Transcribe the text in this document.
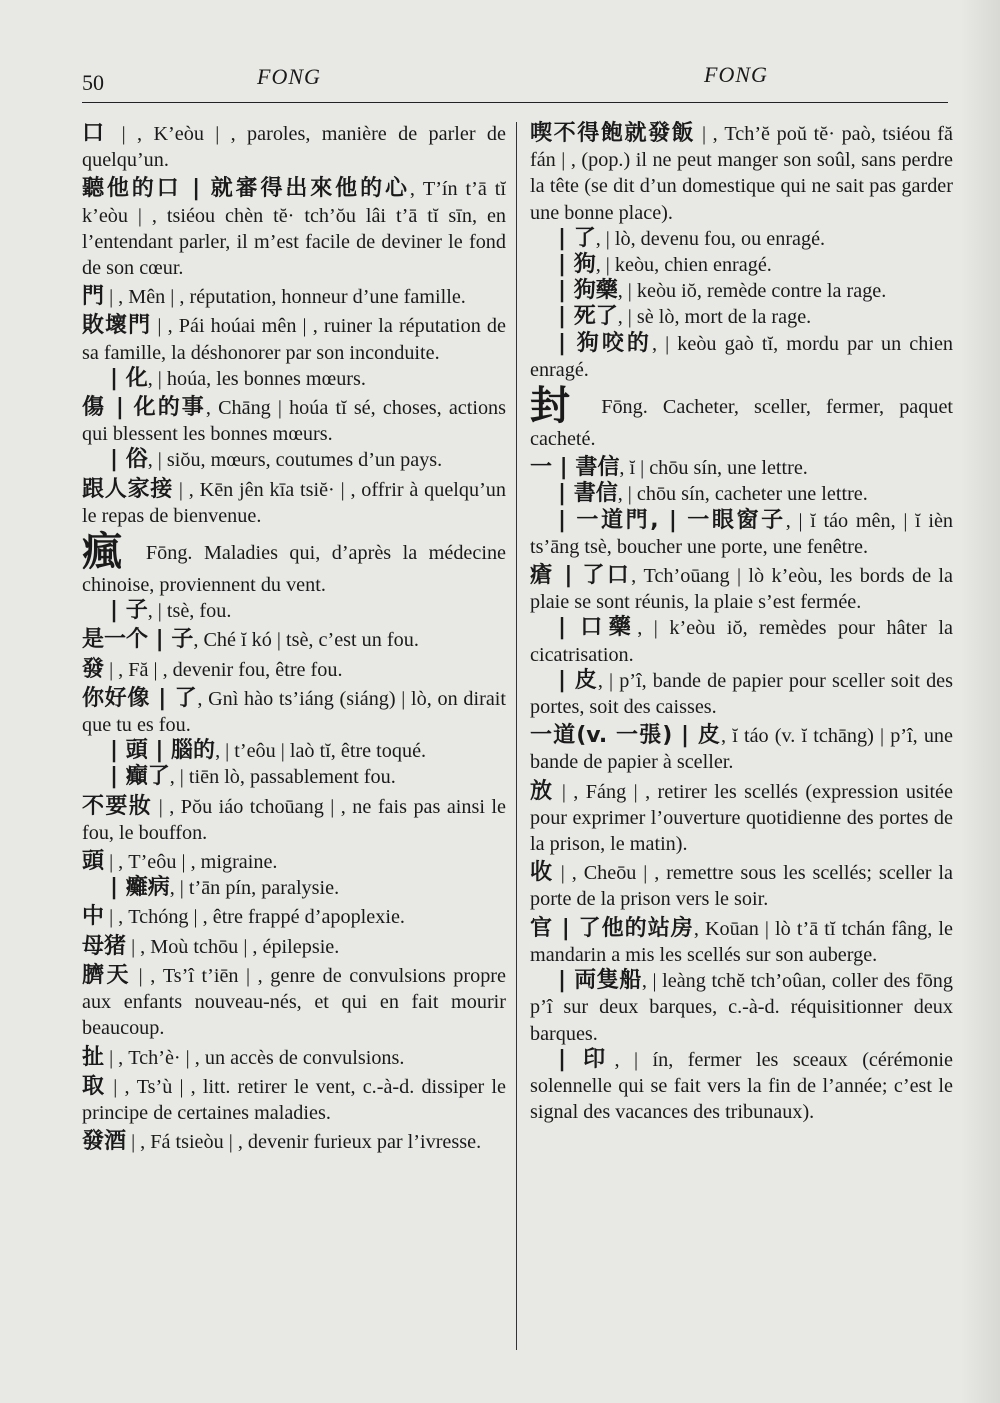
50	FONG	FONG

口 | , K’eòu | , paroles, manière de parler de quelqu’un.

聽他的口 | 就審得出來他的心, T’ín t’ā tĭ k’eòu | , tsiéou chèn tĕ· tch’ŏu lâi t’ā tĭ sīn, en l’entendant parler, il m’est facile de deviner le fond de son cœur.

門 | , Mên | , réputation, honneur d’une famille.

敗壞門 | , Pái hoúai mên | , ruiner la réputation de sa famille, la déshonorer par son inconduite.

| 化, | hoúa, les bonnes mœurs.

傷 | 化的事, Chāng | hoúa tĭ sé, choses, actions qui blessent les bonnes mœurs.

| 俗, | siŏu, mœurs, coutumes d’un pays.

跟人家接 | , Kēn jên kīa tsiĕ· | , offrir à quelqu’un le repas de bienvenue.

瘋 Fōng. Maladies qui, d’après la médecine chinoise, proviennent du vent.

| 子, | tsè, fou.

是一个 | 子, Ché ĭ kó | tsè, c’est un fou.

發 | , Fă | , devenir fou, être fou.

你好像 | 了, Gnì hào ts’iáng (siáng) | lò, on dirait que tu es fou.

| 頭 | 腦的, | t’eôu | laò tĭ, être toqué.

| 癲了, | tiēn lò, passablement fou.

不要妝 | , Pŏu iáo tchoūang | , ne fais pas ainsi le fou, le bouffon.

頭 | , T’eôu | , migraine.

| 癱病, | t’ān pín, paralysie.

中 | , Tchóng | , être frappé d’apoplexie.

母猪 | , Moù tchōu | , épilepsie.

臍天 | , Ts’î t’iēn | , genre de convulsions propre aux enfants nouveau-nés, et qui en fait mourir beaucoup.

扯 | , Tch’è· | , un accès de convulsions.

取 | , Ts’ù | , litt. retirer le vent, c.-à-d. dissiper le principe de certaines maladies.

發酒 | , Fá tsieòu | , devenir furieux par l’ivresse.

喫不得飽就發飯 | , Tch’ĕ poŭ tĕ· paò, tsiéou fă fán | , (pop.) il ne peut manger son soûl, sans perdre la tête (se dit d’un domestique qui ne sait pas garder une bonne place).

| 了, | lò, devenu fou, ou enragé.

| 狗, | keòu, chien enragé.

| 狗藥, | keòu iŏ, remède contre la rage.

| 死了, | sè lò, mort de la rage.

| 狗咬的, | keòu gaò tĭ, mordu par un chien enragé.

封 Fōng. Cacheter, sceller, fermer, paquet cacheté.

一 | 書信, ĭ | chōu sín, une lettre.

| 書信, | chōu sín, cacheter une lettre.

| 一道門, | 一眼窗子, | ĭ táo mên, | ĭ ièn ts’āng tsè, boucher une porte, une fenêtre.

瘡 | 了口, Tch’oūang | lò k’eòu, les bords de la plaie se sont réunis, la plaie s’est fermée.

| 口藥, | k’eòu iŏ, remèdes pour hâter la cicatrisation.

| 皮, | p’î, bande de papier pour sceller soit des portes, soit des caisses.

一道(v. 一張) | 皮, ĭ táo (v. ĭ tchāng) | p’î, une bande de papier à sceller.

放 | , Fáng | , retirer les scellés (expression usitée pour exprimer l’ouverture quotidienne des portes de la prison, le matin).

收 | , Cheōu | , remettre sous les scellés; sceller la porte de la prison vers le soir.

官 | 了他的站房, Koūan | lò t’ā tĭ tchán fâng, le mandarin a mis les scellés sur son auberge.

| 両隻船, | leàng tchĕ tch’oûan, coller des fōng p’î sur deux barques, c.-à-d. réquisitionner deux barques.

| 印, | ín, fermer les sceaux (cérémonie solennelle qui se fait vers la fin de l’année; c’est le signal des vacances des tribunaux).
